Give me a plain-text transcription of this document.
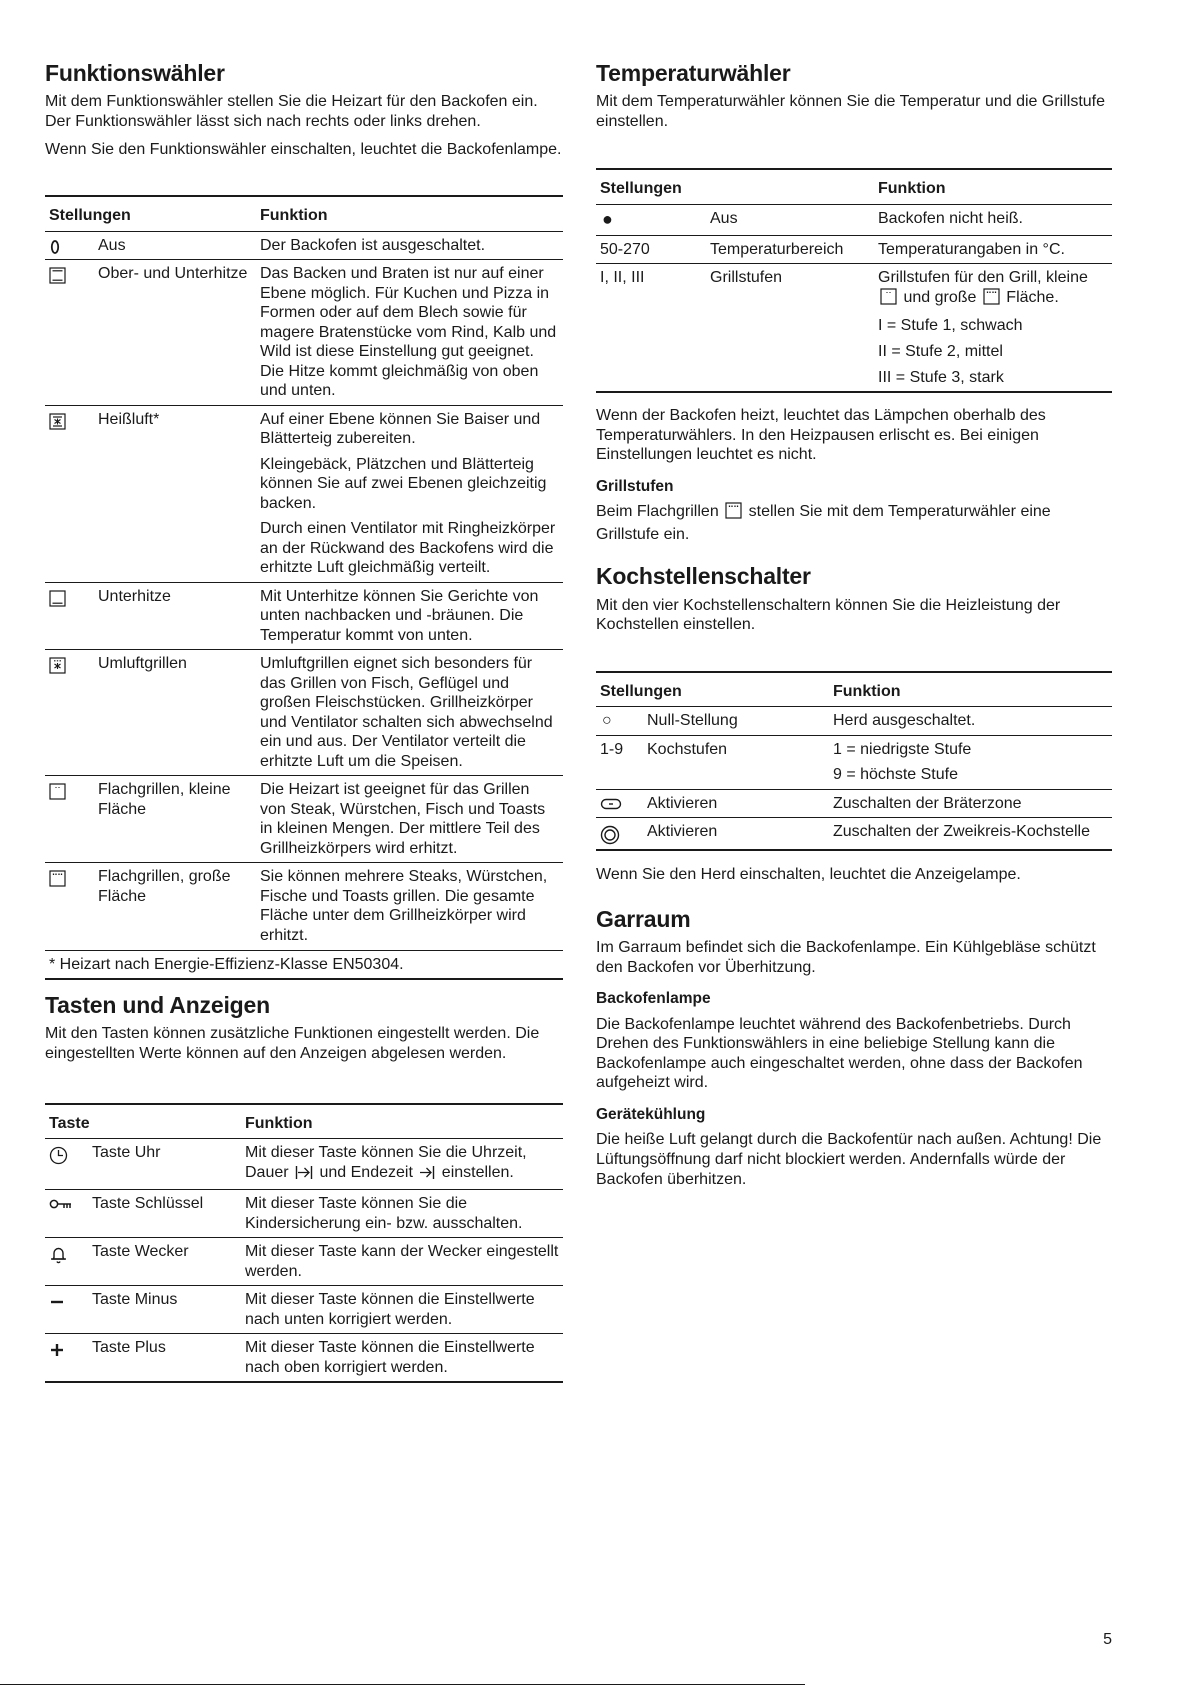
Funktionswähler

Mit dem Funktionswähler stellen Sie die Heizart für den Backofen ein. Der Funktionswähler lässt sich nach rechts oder links drehen.

Wenn Sie den Funktionswähler einschalten, leuchtet die Backofenlampe.

Stellungen		Funktion

	Aus	Der Backofen ist ausgeschaltet.

	Ober- und Unterhitze	Das Backen und Braten ist nur auf einer Ebene möglich. Für Kuchen und Pizza in Formen oder auf dem Blech sowie für magere Bratenstücke vom Rind, Kalb und Wild ist diese Einstellung gut geeignet. Die Hitze kommt gleichmäßig von oben und unten.

	Heißluft*	Auf einer Ebene können Sie Baiser und Blätterteig zubereiten.

Kleingebäck, Plätzchen und Blätterteig können Sie auf zwei Ebenen gleichzeitig backen.

Durch einen Ventilator mit Ringheizkörper an der Rückwand des Backofens wird die erhitzte Luft gleichmäßig verteilt.

	Unterhitze	Mit Unterhitze können Sie Gerichte von unten nachbacken und -bräunen. Die Temperatur kommt von unten.

	Umluftgrillen	Umluftgrillen eignet sich besonders für das Grillen von Fisch, Geflügel und großen Fleischstücken. Grillheizkörper und Ventilator schalten sich abwechselnd ein und aus. Der Ventilator verteilt die erhitzte Luft um die Speisen.

	Flachgrillen, kleine Fläche	Die Heizart ist geeignet für das Grillen von Steak, Würstchen, Fisch und Toasts in kleinen Mengen. Der mittlere Teil des Grillheizkörpers wird erhitzt.

	Flachgrillen, große Fläche	Sie können mehrere Steaks, Würstchen, Fische und Toasts grillen. Die gesamte Fläche unter dem Grillheizkörper wird erhitzt.
* Heizart nach Energie-Effizienz-Klasse EN50304.		
Tasten und Anzeigen

Mit den Tasten können zusätzliche Funktionen eingestellt werden. Die eingestellten Werte können auf den Anzeigen abgelesen werden.

Taste		Funktion

	Taste Uhr	Mit dieser Taste können Sie die Uhrzeit, Dauer und Endezeit einstellen.

	Taste Schlüssel	Mit dieser Taste können Sie die Kindersicherung ein- bzw. ausschalten.

	Taste Wecker	Mit dieser Taste kann der Wecker eingestellt werden.

	Taste Minus	Mit dieser Taste können die Einstellwerte nach unten korrigiert werden.

	Taste Plus	Mit dieser Taste können die Einstellwerte nach oben korrigiert werden.
Temperaturwähler

Mit dem Temperaturwähler können Sie die Temperatur und die Grillstufe einstellen.

Stellungen		Funktion
●	Aus	Backofen nicht heiß.
50-270	Temperaturbereich	Temperaturangaben in °C.
I, II, III	Grillstufen	Grillstufen für den Grill, kleine  und große Fläche.

I = Stufe 1, schwach

II = Stufe 2, mittel

III = Stufe 3, stark

Wenn der Backofen heizt, leuchtet das Lämpchen oberhalb des Temperaturwählers. In den Heizpausen erlischt es. Bei einigen Einstellungen leuchtet es nicht.

Grillstufen

Beim Flachgrillen stellen Sie mit dem Temperaturwähler eine Grillstufe ein.

Kochstellenschalter

Mit den vier Kochstellenschaltern können Sie die Heizleistung der Kochstellen einstellen.

Stellungen		Funktion
○	Null-Stellung	Herd ausgeschaltet.
1-9	Kochstufen	1 = niedrigste Stufe

9 = höchste Stufe

	Aktivieren	Zuschalten der Bräterzone

	Aktivieren	Zuschalten der Zweikreis-Kochstelle

Wenn Sie den Herd einschalten, leuchtet die Anzeigelampe.

Garraum

Im Garraum befindet sich die Backofenlampe. Ein Kühlgebläse schützt den Backofen vor Überhitzung.

Backofenlampe

Die Backofenlampe leuchtet während des Backofenbetriebs. Durch Drehen des Funktionswählers in eine beliebige Stellung kann die Backofenlampe auch eingeschaltet werden, ohne dass der Backofen aufgeheizt wird.

Gerätekühlung

Die heiße Luft gelangt durch die Backofentür nach außen. Achtung! Die Lüftungsöffnung darf nicht blockiert werden. Andernfalls würde der Backofen überhitzen.

5
